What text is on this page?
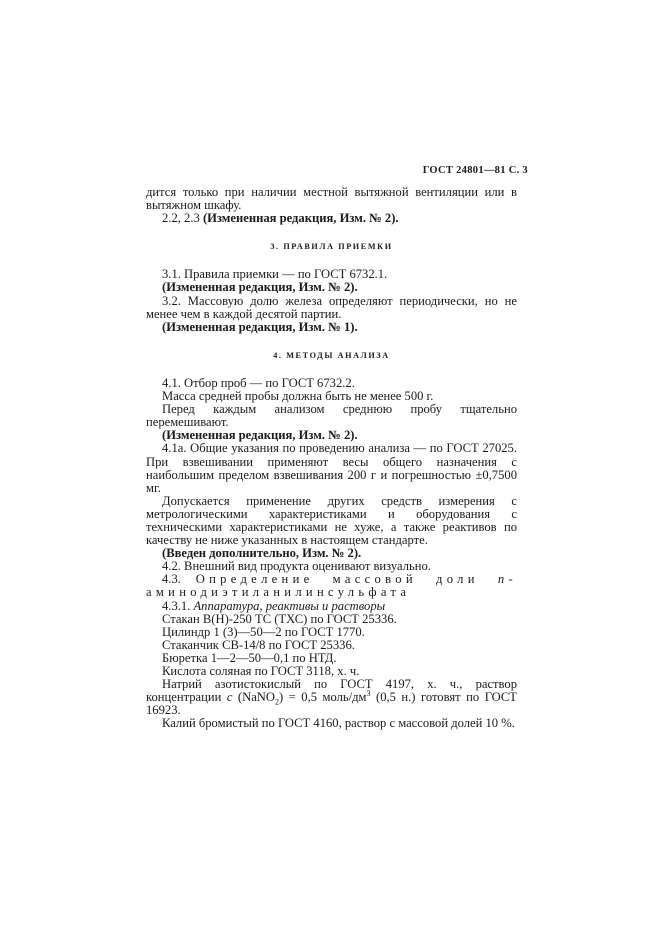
ГОСТ 24801—81 С. 3

дится только при наличии местной вытяжной вентиляции или в вытяжном шкафу.

2.2, 2.3 (Измененная редакция, Изм. № 2).

3. ПРАВИЛА ПРИЕМКИ

3.1. Правила приемки — по ГОСТ 6732.1.

(Измененная редакция, Изм. № 2).

3.2. Массовую долю железа определяют периодически, но не менее чем в каждой десятой партии.

(Измененная редакция, Изм. № 1).

4. МЕТОДЫ АНАЛИЗА

4.1. Отбор проб — по ГОСТ 6732.2.

Масса средней пробы должна быть не менее 500 г.

Перед каждым анализом среднюю пробу тщательно перемешивают.

(Измененная редакция, Изм. № 2).

4.1а. Общие указания по проведению анализа — по ГОСТ 27025. При взвешивании применяют весы общего назначения с наибольшим пределом взвешивания 200 г и погрешностью ±0,7500 мг.

Допускается применение других средств измерения с метрологическими характеристиками и оборудования с техническими характеристиками не хуже, а также реактивов по качеству не ниже указанных в настоящем стандарте.

(Введен дополнительно, Изм. № 2).

4.2. Внешний вид продукта оценивают визуально.

4.3. Определение массовой доли п-аминодиэтиланилинсульфата

4.3.1. Аппаратура, реактивы и растворы

Стакан В(Н)-250 ТС (ТХС) по ГОСТ 25336.

Цилиндр 1 (3)—50—2 по ГОСТ 1770.

Стаканчик СВ-14/8 по ГОСТ 25336.

Бюретка 1—2—50—0,1 по НТД.

Кислота соляная по ГОСТ 3118, х. ч.

Натрий азотистокислый по ГОСТ 4197, х. ч., раствор концентрации с (NaNO$_2$) = 0,5 моль/$дм^3$ (0,5 н.) готовят по ГОСТ 16923.

Калий бромистый по ГОСТ 4160, раствор с массовой долей 10 %.
